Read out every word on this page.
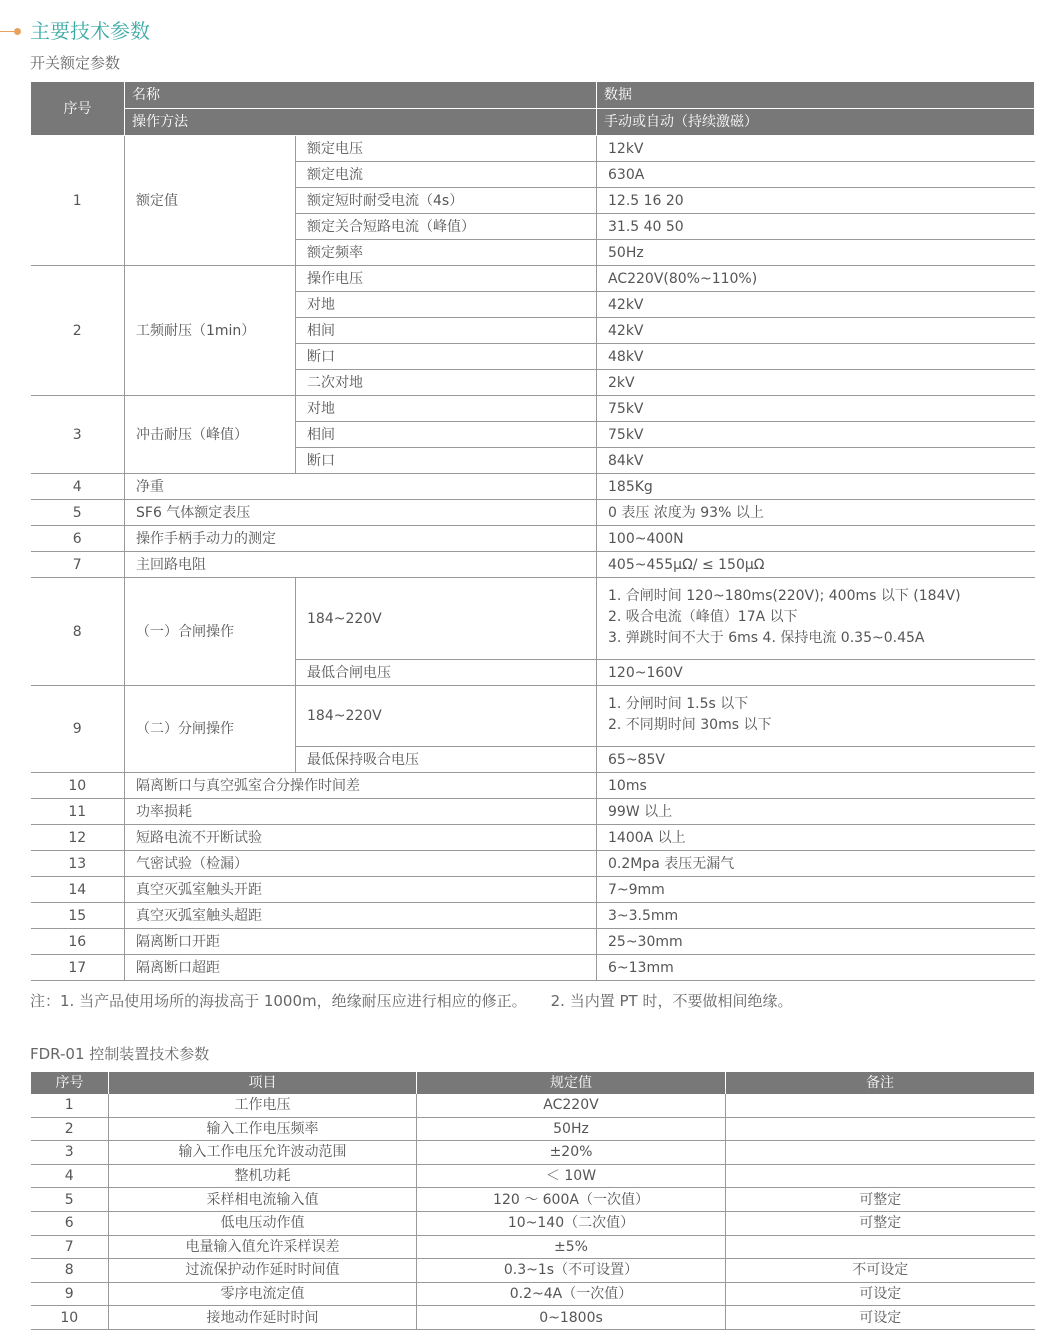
主要技术参数
开关额定参数
序号	名称		数据
	操作方法		手动或自动（持续激磁）
1	额定值	额定电压	12kV
		额定电流	630A
		额定短时耐受电流（4s）	12.5 16 20
		额定关合短路电流（峰值）	31.5 40 50
		额定频率	50Hz
2	工频耐压（1min）	操作电压	AC220V(80%~110%)
		对地	42kV
		相间	42kV
		断口	48kV
		二次对地	2kV
3	冲击耐压（峰值）	对地	75kV
		相间	75kV
		断口	84kV
4	净重		185Kg
5	SF6 气体额定表压		0 表压 浓度为 93% 以上
6	操作手柄手动力的测定		100~400N
7	主回路电阻		405~455μΩ/ ≤ 150μΩ
8	（一）合闸操作	184~220V	1. 合闸时间 120~180ms(220V); 400ms 以下 (184V)
2. 吸合电流（峰值）17A 以下
3. 弹跳时间不大于 6ms 4. 保持电流 0.35~0.45A

		最低合闸电压	120~160V
9	（二）分闸操作	184~220V	1. 分闸时间 1.5s 以下
2. 不同期时间 30ms 以下

		最低保持吸合电压	65~85V
10	隔离断口与真空弧室合分操作时间差		10ms
11	功率损耗		99W 以上
12	短路电流不开断试验		1400A 以上
13	气密试验（检漏）		0.2Mpa 表压无漏气
14	真空灭弧室触头开距		7~9mm
15	真空灭弧室触头超距		3~3.5mm
16	隔离断口开距		25~30mm
17	隔离断口超距		6~13mm
注：1. 当产品使用场所的海拔高于 1000m，绝缘耐压应进行相应的修正。 2. 当内置 PT 时，不要做相间绝缘。
FDR-01 控制装置技术参数
序号	项目	规定值	备注
1	工作电压	AC220V	
2	输入工作电压频率	50Hz	
3	输入工作电压允许波动范围	±20%	
4	整机功耗	＜ 10W	
5	采样相电流输入值	120 ～ 600A（一次值）	可整定
6	低电压动作值	10~140（二次值）	可整定
7	电量输入值允许采样误差	±5%	
8	过流保护动作延时时间值	0.3~1s（不可设置）	不可设定
9	零序电流定值	0.2~4A（一次值）	可设定
10	接地动作延时时间	0~1800s	可设定
